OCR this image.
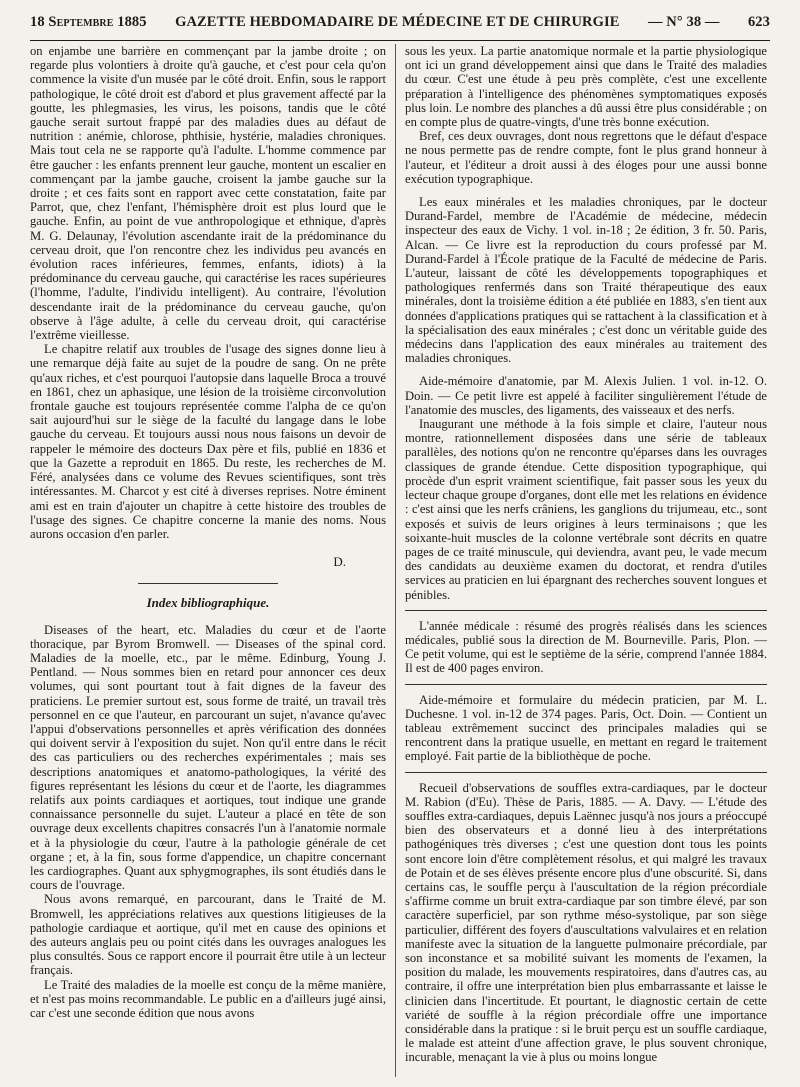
18 Septembre 1885 GAZETTE HEBDOMADAIRE DE MÉDECINE ET DE CHIRURGIE — N° 38 — 623

on enjambe une barrière en commençant par la jambe droite ; on regarde plus volontiers à droite qu'à gauche, et c'est pour cela qu'on commence la visite d'un musée par le côté droit. Enfin, sous le rapport pathologique, le côté droit est d'abord et plus gravement affecté par la goutte, les phlegmasies, les virus, les poisons, tandis que le côté gauche serait surtout frappé par des maladies dues au défaut de nutrition : anémie, chlorose, phthisie, hystérie, maladies chroniques. Mais tout cela ne se rapporte qu'à l'adulte. L'homme commence par être gaucher : les enfants prennent leur gauche, montent un escalier en commençant par la jambe gauche, croisent la jambe gauche sur la droite ; et ces faits sont en rapport avec cette constatation, faite par Parrot, que, chez l'enfant, l'hémisphère droit est plus lourd que le gauche. Enfin, au point de vue anthropologique et ethnique, d'après M. G. Delaunay, l'évolution ascendante irait de la prédominance du cerveau droit, que l'on rencontre chez les individus peu avancés en évolution races inférieures, femmes, enfants, idiots) à la prédominance du cerveau gauche, qui caractérise les races supérieures (l'homme, l'adulte, l'individu intelligent). Au contraire, l'évolution descendante irait de la prédominance du cerveau gauche, qu'on observe à l'âge adulte, à celle du cerveau droit, qui caractérise l'extrême vieillesse.

Le chapitre relatif aux troubles de l'usage des signes donne lieu à une remarque déjà faite au sujet de la poudre de sang. On ne prête qu'aux riches, et c'est pourquoi l'autopsie dans laquelle Broca a trouvé en 1861, chez un aphasique, une lésion de la troisième circonvolution frontale gauche est toujours représentée comme l'alpha de ce qu'on sait aujourd'hui sur le siège de la faculté du langage dans le lobe gauche du cerveau. Et toujours aussi nous nous faisons un devoir de rappeler le mémoire des docteurs Dax père et fils, publié en 1836 et que la Gazette a reproduit en 1865. Du reste, les recherches de M. Féré, analysées dans ce volume des Revues scientifiques, sont très intéressantes. M. Charcot y est cité à diverses reprises. Notre éminent ami est en train d'ajouter un chapitre à cette histoire des troubles de l'usage des signes. Ce chapitre concerne la manie des noms. Nous aurons occasion d'en parler.

D.
Index bibliographique.

Diseases of the heart, etc. Maladies du cœur et de l'aorte thoracique, par Byrom Bromwell. — Diseases of the spinal cord. Maladies de la moelle, etc., par le même. Edinburg, Young J. Pentland. — Nous sommes bien en retard pour annoncer ces deux volumes, qui sont pourtant tout à fait dignes de la faveur des praticiens. Le premier surtout est, sous forme de traité, un travail très personnel en ce que l'auteur, en parcourant un sujet, n'avance qu'avec l'appui d'observations personnelles et après vérification des données qui doivent servir à l'exposition du sujet. Non qu'il entre dans le récit des cas particuliers ou des recherches expérimentales ; mais ses descriptions anatomiques et anatomo-pathologiques, la vérité des figures représentant les lésions du cœur et de l'aorte, les diagrammes relatifs aux points cardiaques et aortiques, tout indique une grande connaissance personnelle du sujet. L'auteur a placé en tête de son ouvrage deux excellents chapitres consacrés l'un à l'anatomie normale et à la physiologie du cœur, l'autre à la pathologie générale de cet organe ; et, à la fin, sous forme d'appendice, un chapitre concernant les cardiographes. Quant aux sphygmographes, ils sont étudiés dans le cours de l'ouvrage.

Nous avons remarqué, en parcourant, dans le Traité de M. Bromwell, les appréciations relatives aux questions litigieuses de la pathologie cardiaque et aortique, qu'il met en cause des opinions et des auteurs anglais peu ou point cités dans les ouvrages analogues les plus consultés. Sous ce rapport encore il pourrait être utile à un lecteur français.

Le Traité des maladies de la moelle est conçu de la même manière, et n'est pas moins recommandable. Le public en a d'ailleurs jugé ainsi, car c'est une seconde édition que nous avons

sous les yeux. La partie anatomique normale et la partie physiologique ont ici un grand développement ainsi que dans le Traité des maladies du cœur. C'est une étude à peu près complète, c'est une excellente préparation à l'intelligence des phénomènes symptomatiques exposés plus loin. Le nombre des planches a dû aussi être plus considérable ; on en compte plus de quatre-vingts, d'une très bonne exécution.

Bref, ces deux ouvrages, dont nous regrettons que le défaut d'espace ne nous permette pas de rendre compte, font le plus grand honneur à l'auteur, et l'éditeur a droit aussi à des éloges pour une aussi bonne exécution typographique.

Les eaux minérales et les maladies chroniques, par le docteur Durand-Fardel, membre de l'Académie de médecine, médecin inspecteur des eaux de Vichy. 1 vol. in-18 ; 2e édition, 3 fr. 50. Paris, Alcan. — Ce livre est la reproduction du cours professé par M. Durand-Fardel à l'École pratique de la Faculté de médecine de Paris. L'auteur, laissant de côté les développements topographiques et pathologiques renfermés dans son Traité thérapeutique des eaux minérales, dont la troisième édition a été publiée en 1883, s'en tient aux données d'applications pratiques qui se rattachent à la classification et à la spécialisation des eaux minérales ; c'est donc un véritable guide des médecins dans l'application des eaux minérales au traitement des maladies chroniques.

Aide-mémoire d'anatomie, par M. Alexis Julien. 1 vol. in-12. O. Doin. — Ce petit livre est appelé à faciliter singulièrement l'étude de l'anatomie des muscles, des ligaments, des vaisseaux et des nerfs.

Inaugurant une méthode à la fois simple et claire, l'auteur nous montre, rationnellement disposées dans une série de tableaux parallèles, des notions qu'on ne rencontre qu'éparses dans les ouvrages classiques de grande étendue. Cette disposition typographique, qui procède d'un esprit vraiment scientifique, fait passer sous les yeux du lecteur chaque groupe d'organes, dont elle met les relations en évidence : c'est ainsi que les nerfs crâniens, les ganglions du trijumeau, etc., sont exposés et suivis de leurs origines à leurs terminaisons ; que les soixante-huit muscles de la colonne vertébrale sont décrits en quatre pages de ce traité minuscule, qui deviendra, avant peu, le vade mecum des candidats au deuxième examen du doctorat, et rendra d'utiles services au praticien en lui épargnant des recherches souvent longues et pénibles.

L'année médicale : résumé des progrès réalisés dans les sciences médicales, publié sous la direction de M. Bourneville. Paris, Plon. — Ce petit volume, qui est le septième de la série, comprend l'année 1884. Il est de 400 pages environ.

Aide-mémoire et formulaire du médecin praticien, par M. L. Duchesne. 1 vol. in-12 de 374 pages. Paris, Oct. Doin. — Contient un tableau extrêmement succinct des principales maladies qui se rencontrent dans la pratique usuelle, en mettant en regard le traitement employé. Fait partie de la bibliothèque de poche.

Recueil d'observations de souffles extra-cardiaques, par le docteur M. Rabion (d'Eu). Thèse de Paris, 1885. — A. Davy. — L'étude des souffles extra-cardiaques, depuis Laënnec jusqu'à nos jours a préoccupé bien des observateurs et a donné lieu à des interprétations pathogéniques très diverses ; c'est une question dont tous les points sont encore loin d'être complètement résolus, et qui malgré les travaux de Potain et de ses élèves présente encore plus d'une obscurité. Si, dans certains cas, le souffle perçu à l'auscultation de la région précordiale s'affirme comme un bruit extra-cardiaque par son timbre élevé, par son caractère superficiel, par son rythme méso-systolique, par son siège particulier, différent des foyers d'auscultations valvulaires et en relation manifeste avec la situation de la languette pulmonaire précordiale, par son inconstance et sa mobilité suivant les moments de l'examen, la position du malade, les mouvements respiratoires, dans d'autres cas, au contraire, il offre une interprétation bien plus embarrassante et laisse le clinicien dans l'incertitude. Et pourtant, le diagnostic certain de cette variété de souffle à la région précordiale offre une importance considérable dans la pratique : si le bruit perçu est un souffle cardiaque, le malade est atteint d'une affection grave, le plus souvent chronique, incurable, menaçant la vie à plus ou moins longue
